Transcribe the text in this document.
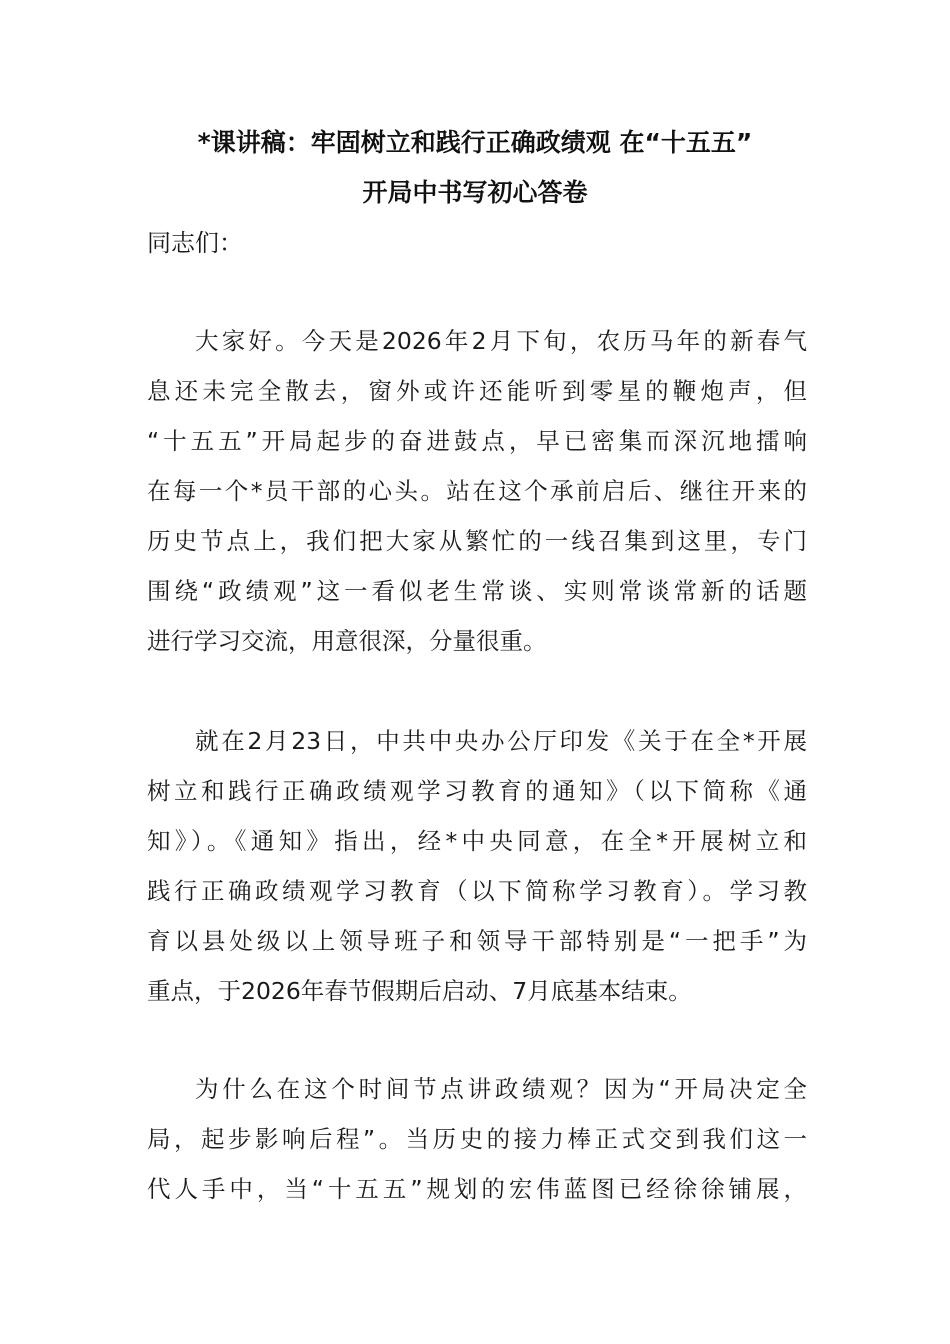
*课讲稿：牢固树立和践行正确政绩观 在“十五五”
开局中书写初心答卷
同志们：
大家好。今天是2026年2月下旬，农历马年的新春气
息还未完全散去，窗外或许还能听到零星的鞭炮声，但
“十五五”开局起步的奋进鼓点，早已密集而深沉地擂响
在每一个*员干部的心头。站在这个承前启后、继往开来的
历史节点上，我们把大家从繁忙的一线召集到这里，专门
围绕“政绩观”这一看似老生常谈、实则常谈常新的话题
进行学习交流，用意很深，分量很重。
就在2月23日，中共中央办公厅印发《关于在全*开展
树立和践行正确政绩观学习教育的通知》（以下简称《通
知》）。《通知》指出，经*中央同意，在全*开展树立和
践行正确政绩观学习教育（以下简称学习教育）。学习教
育以县处级以上领导班子和领导干部特别是“一把手”为
重点，于2026年春节假期后启动、7月底基本结束。
为什么在这个时间节点讲政绩观？因为“开局决定全
局，起步影响后程”。当历史的接力棒正式交到我们这一
代人手中，当“十五五”规划的宏伟蓝图已经徐徐铺展，
